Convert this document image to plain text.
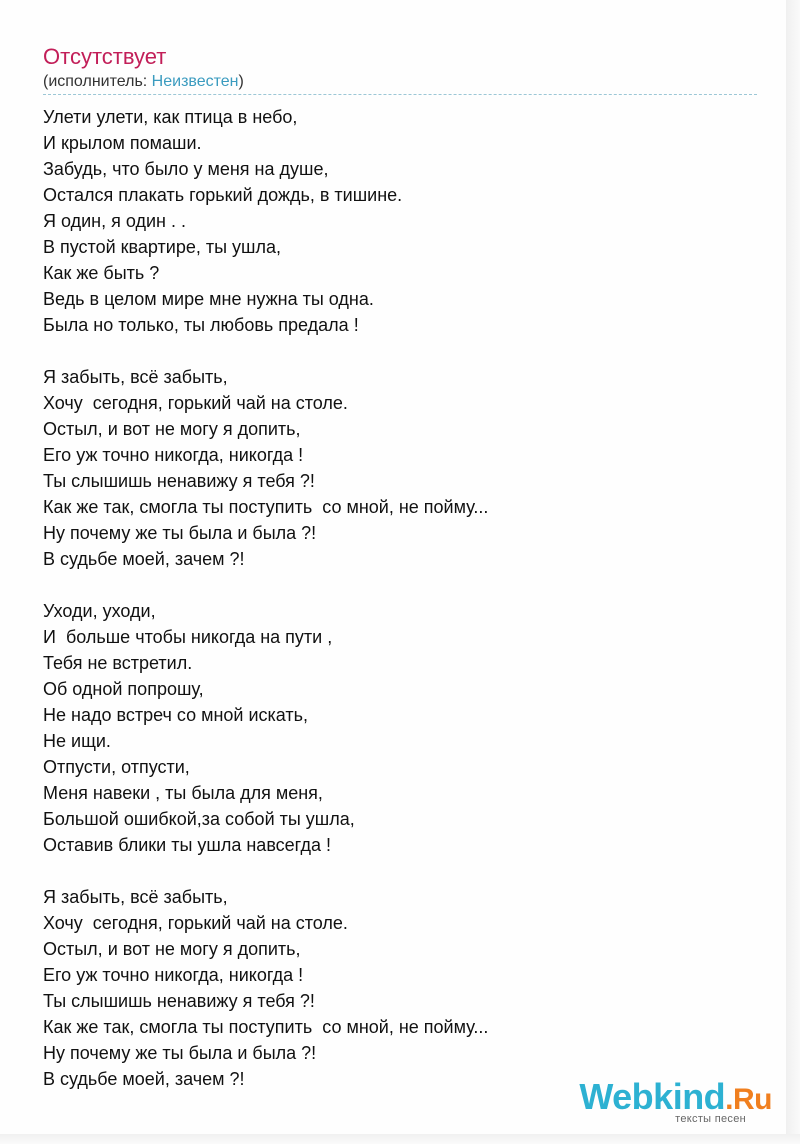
Отсутствует
(исполнитель: Неизвестен)
Улети улети, как птица в небо,
И крылом помаши.
Забудь, что было у меня на душе,
Остался плакать горький дождь, в тишине.
Я один, я один . .
В пустой квартире, ты ушла,
Как же быть ?
Ведь в целом мире мне нужна ты одна.
Была но только, ты любовь предала !
Я забыть, всё забыть,
Хочу  сегодня, горький чай на столе.
Остыл, и вот не могу я допить,
Его уж точно никогда, никогда !
Ты слышишь ненавижу я тебя ?!
Как же так, смогла ты поступить  со мной, не пойму...
Ну почему же ты была и была ?!
В судьбе моей, зачем ?!
Уходи, уходи,
И  больше чтобы никогда на пути ,
Тебя не встретил.
Об одной попрошу,
Не надо встреч со мной искать,
Не ищи.
Отпусти, отпусти,
Меня навеки , ты была для меня,
Большой ошибкой,за собой ты ушла,
Оставив блики ты ушла навсегда !
Я забыть, всё забыть,
Хочу  сегодня, горький чай на столе.
Остыл, и вот не могу я допить,
Его уж точно никогда, никогда !
Ты слышишь ненавижу я тебя ?!
Как же так, смогла ты поступить  со мной, не пойму...
Ну почему же ты была и была ?!
В судьбе моей, зачем ?!	Webkind.Ru
тексты песен
